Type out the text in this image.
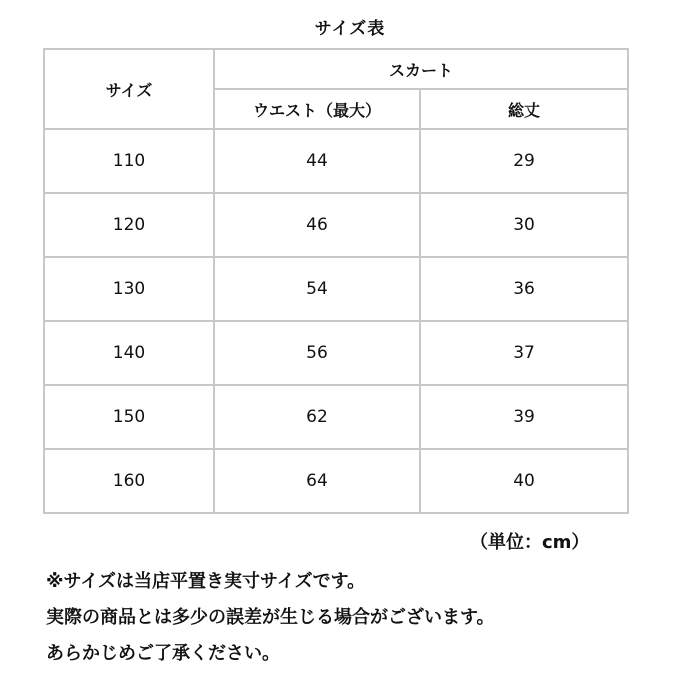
サイズ表
サイズ	スカート	
	ウエスト（最大）	総丈
110	44	29
120	46	30
130	54	36
140	56	37
150	62	39
160	64	40
（単位：cm）
※サイズは当店平置き実寸サイズです。
実際の商品とは多少の誤差が生じる場合がございます。
あらかじめご了承ください。
